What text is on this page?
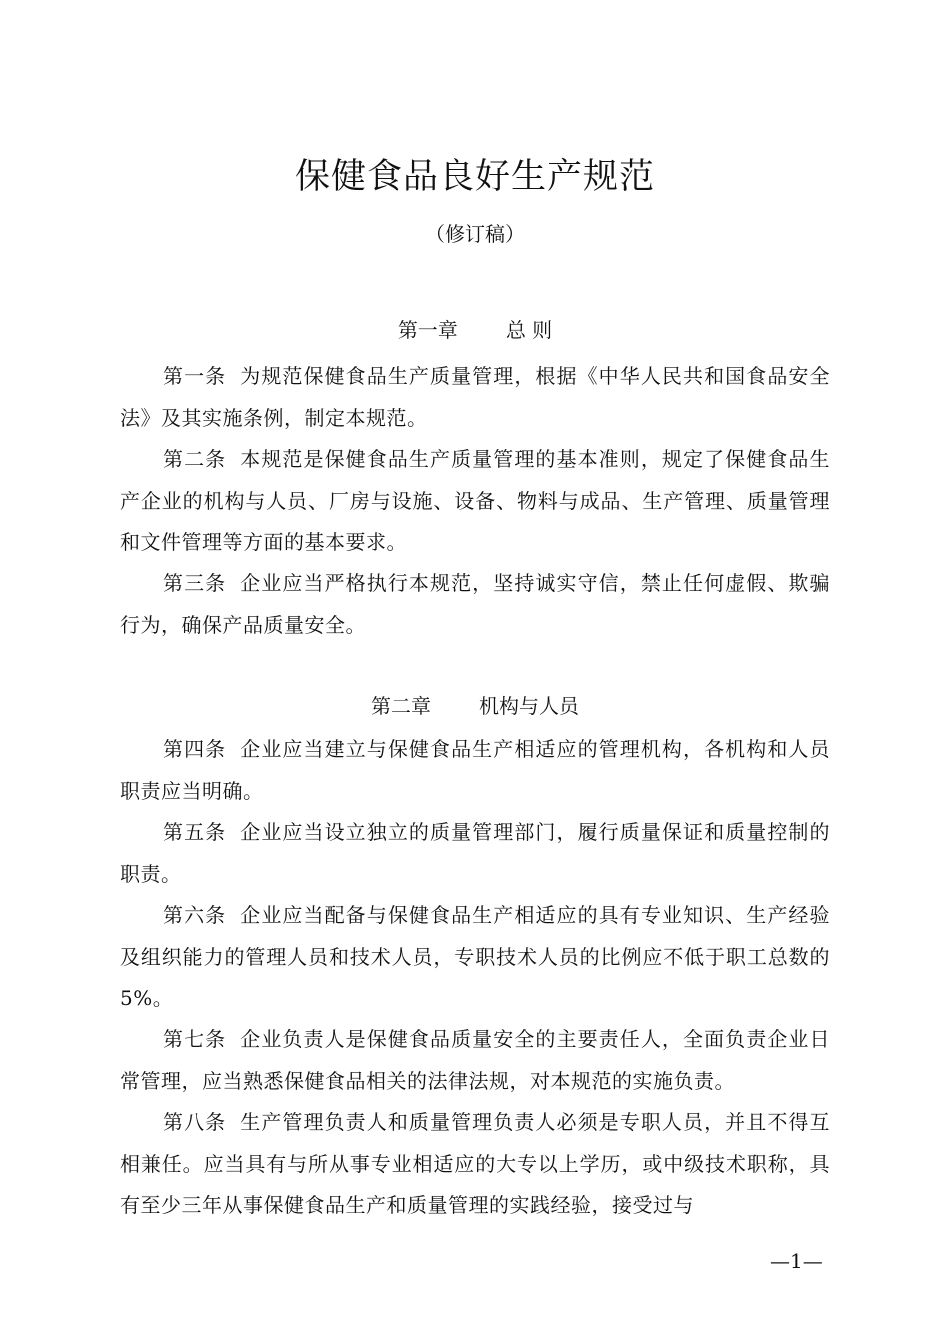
保健食品良好生产规范
（修订稿）
第一章 总 则

第一条 为规范保健食品生产质量管理，根据《中华人民共和国食品安全法》及其实施条例，制定本规范。

第二条 本规范是保健食品生产质量管理的基本准则，规定了保健食品生产企业的机构与人员、厂房与设施、设备、物料与成品、生产管理、质量管理和文件管理等方面的基本要求。

第三条 企业应当严格执行本规范，坚持诚实守信，禁止任何虚假、欺骗行为，确保产品质量安全。

第二章 机构与人员

第四条 企业应当建立与保健食品生产相适应的管理机构，各机构和人员职责应当明确。

第五条 企业应当设立独立的质量管理部门，履行质量保证和质量控制的职责。

第六条 企业应当配备与保健食品生产相适应的具有专业知识、生产经验及组织能力的管理人员和技术人员，专职技术人员的比例应不低于职工总数的 5%。

第七条 企业负责人是保健食品质量安全的主要责任人，全面负责企业日常管理，应当熟悉保健食品相关的法律法规，对本规范的实施负责。

第八条 生产管理负责人和质量管理负责人必须是专职人员，并且不得互相兼任。应当具有与所从事专业相适应的大专以上学历，或中级技术职称，具有至少三年从事保健食品生产和质量管理的实践经验，接受过与

—1—
